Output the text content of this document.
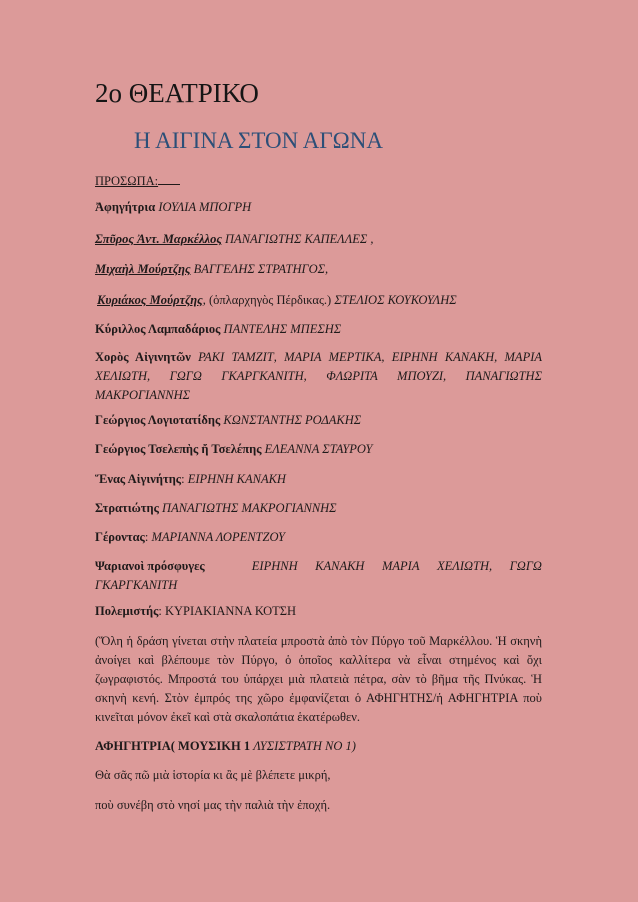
2ο ΘΕΑΤΡΙΚΟ
Η ΑΙΓΙΝΑ ΣΤΟΝ ΑΓΩΝΑ
ΠΡΟΣΩΠΑ:
Ἀφηγήτρια ΙΟΥΛΙΑ ΜΠΟΓΡΗ
Σπῦρος Ἀντ. Μαρκέλλος ΠΑΝΑΓΙΩΤΗΣ ΚΑΠΕΛΛΕΣ ,
Μιχαὴλ Μούρτζης ΒΑΓΓΕΛΗΣ ΣΤΡΑΤΗΓΟΣ,
Κυριάκος Μούρτζης, (ὁπλαρχηγὸς Πέρδικας.) ΣΤΕΛΙΟΣ ΚΟΥΚΟΥΛΗΣ
Κύριλλος Λαμπαδάριος ΠΑΝΤΕΛΗΣ ΜΠΕΣΗΣ
Χορὸς Αἰγινητῶν ΡΑΚΙ ΤΑΜΖΙΤ, ΜΑΡΙΑ ΜΕΡΤΙΚΑ, ΕΙΡΗΝΗ ΚΑΝΑΚΗ, ΜΑΡΙΑ ΧΕΛΙΩΤΗ, ΓΩΓΩ ΓΚΑΡΓΚΑΝΙΤΗ, ΦΛΩΡΙΤΑ ΜΠΟΥΖΙ, ΠΑΝΑΓΙΩΤΗΣ ΜΑΚΡΟΓΙΑΝΝΗΣ
Γεώργιος Λογιοτατίδης ΚΩΝΣΤΑΝΤΗΣ ΡΟΔΑΚΗΣ
Γεώργιος Τσελεπὴς ἤ Τσελέπης ΕΛΕΑΝΝΑ ΣΤΑΥΡΟΥ
Ἕνας Αἰγινήτης: ΕΙΡΗΝΗ ΚΑΝΑΚΗ
Στρατιώτης ΠΑΝΑΓΙΩΤΗΣ ΜΑΚΡΟΓΙΑΝΝΗΣ
Γέροντας: ΜΑΡΙΑΝΝΑ ΛΟΡΕΝΤΖΟΥ
Ψαριανοὶ πρόσφυγες	ΕΙΡΗΝΗ ΚΑΝΑΚΗ ΜΑΡΙΑ ΧΕΛΙΩΤΗ, ΓΩΓΩ
ΓΚΑΡΓΚΑΝΙΤΗ
Πολεμιστής: ΚΥΡΙΑΚΙΑΝΝΑ ΚΟΤΣΗ
(Ὅλη ἡ δράση γίνεται στὴν πλατεία μπροστὰ ἀπὸ τὸν Πύργο τοῦ Μαρκέλλου. Ἡ σκηνὴ ἀνοίγει καὶ βλέπουμε τὸν Πύργο, ὁ ὁποῖος καλλίτερα νὰ εἶναι στημένος καὶ ὄχι ζωγραφιστός. Μπροστά του ὑπάρχει μιὰ πλατειὰ πέτρα, σὰν τὸ βῆμα τῆς Πνύκας. Ἡ σκηνὴ κενή. Στὸν ἐμπρός της χῶρο ἐμφανίζεται ὁ ΑΦΗΓΗΤΗΣ/ἡ ΑΦΗΓΗΤΡΙΑ ποὺ κινεῖται μόνον ἐκεῖ καὶ στὰ σκαλοπάτια ἑκατέρωθεν.
ΑΦΗΓΗΤΡΙΑ( ΜΟΥΣΙΚΗ 1 ΛΥΣΙΣΤΡΑΤΗ ΝΟ 1)
Θὰ σᾶς πῶ μιὰ ἱστορία κι ἂς μὲ βλέπετε μικρή,
ποὺ συνέβη στὸ νησί μας τὴν παλιὰ τὴν ἐποχή.
